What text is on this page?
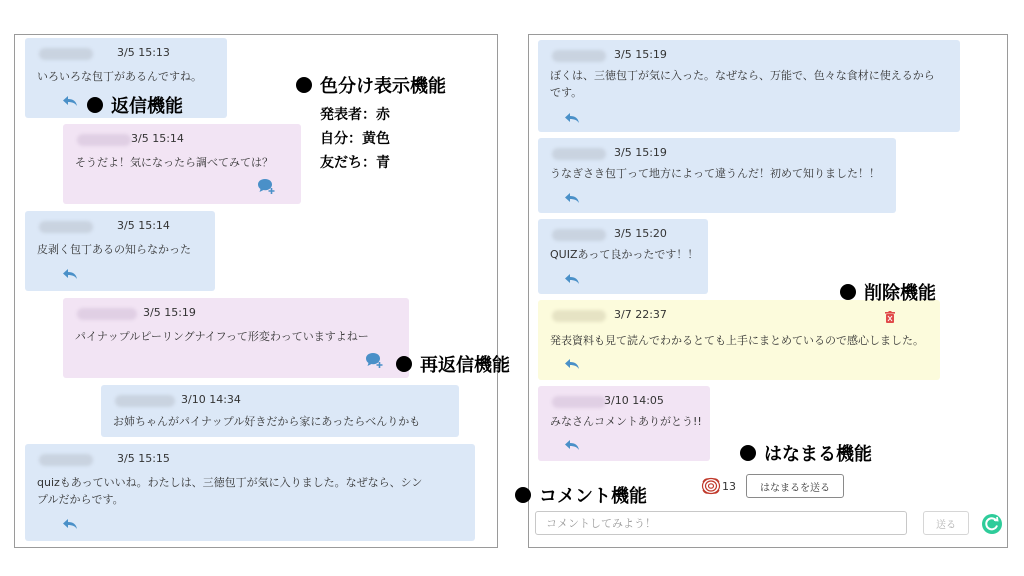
3/5 15:13
いろいろな包丁があるんですね。
3/5 15:14
そうだよ！気になったら調べてみては？
3/5 15:14
皮剥く包丁あるの知らなかった
3/5 15:19
パイナップルピーリングナイフって形変わっていますよねー
3/10 14:34
お姉ちゃんがパイナップル好きだから家にあったらべんりかも
3/5 15:15
quizもあっていいね。わたしは、三徳包丁が気に入りました。なぜなら、シン
プルだからです。
3/5 15:19
ぼくは、三徳包丁が気に入った。なぜなら、万能で、色々な食材に使えるから
です。
3/5 15:19
うなぎさき包丁って地方によって違うんだ！初めて知りました！！
3/5 15:20
QUIZあって良かったです！！
3/7 22:37
発表資料も見て読んでわかるとても上手にまとめているので感心しました。
3/10 14:05
みなさんコメントありがとう!!
13	はなまるを送る
コメントしてみよう！
送る
返信機能
色分け表示機能
発表者：赤
自分：黄色
友だち：青
再返信機能
削除機能
はなまる機能
コメント機能
